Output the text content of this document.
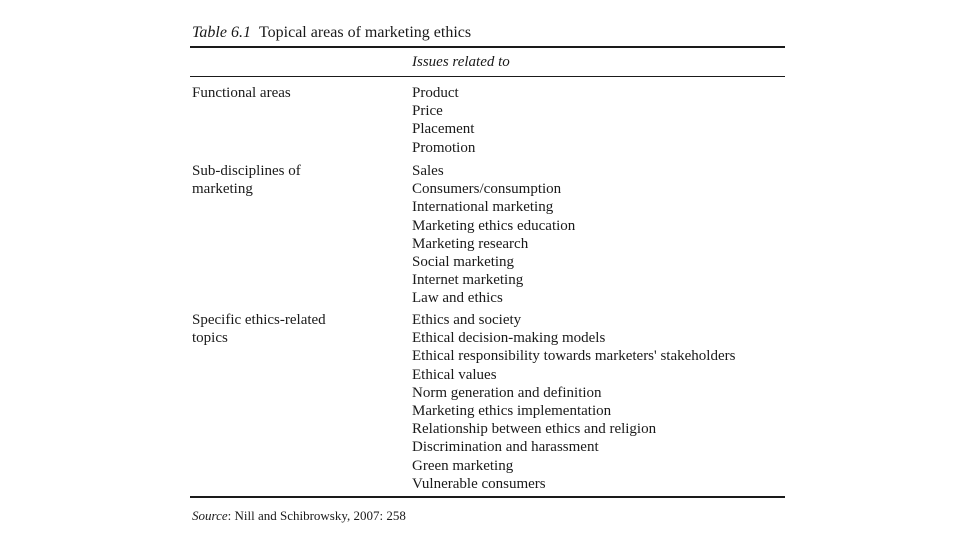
Table 6.1 Topical areas of marketing ethics
Issues related to
Functional areas	Product
Price
Placement
Promotion
Sub-disciplines of
marketing
Sales
Consumers/consumption
International marketing
Marketing ethics education
Marketing research
Social marketing
Internet marketing
Law and ethics
Specific ethics-related
topics
Ethics and society
Ethical decision-making models
Ethical responsibility towards marketers' stakeholders
Ethical values
Norm generation and definition
Marketing ethics implementation
Relationship between ethics and religion
Discrimination and harassment
Green marketing
Vulnerable consumers
Source: Nill and Schibrowsky, 2007: 258
